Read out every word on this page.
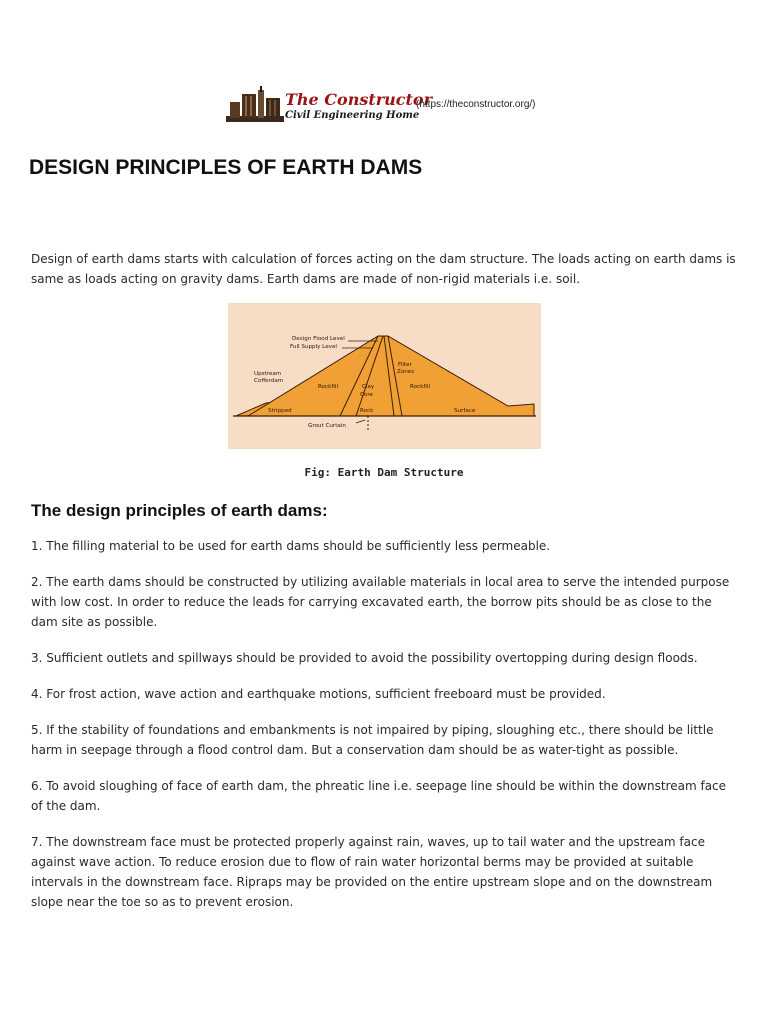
The Constructor
Civil Engineering Home
(https://theconstructor.org/)
DESIGN PRINCIPLES OF EARTH DAMS

Design of earth dams starts with calculation of forces acting on the dam structure. The loads acting on earth dams is same as loads acting on gravity dams. Earth dams are made of non-rigid materials i.e. soil.

Design Flood Level
Full Supply Level
Upstream
Cofferdam
Rockfill	Clay
Core
Filter
Zones
Rockfill
Stripped	Rock	Surface
Grout Curtain
Fig: Earth Dam Structure
The design principles of earth dams:
1. The filling material to be used for earth dams should be sufficiently less permeable.
2. The earth dams should be constructed by utilizing available materials in local area to serve the intended purpose with low cost. In order to reduce the leads for carrying excavated earth, the borrow pits should be as close to the dam site as possible.
3. Sufficient outlets and spillways should be provided to avoid the possibility overtopping during design floods.
4. For frost action, wave action and earthquake motions, sufficient freeboard must be provided.
5. If the stability of foundations and embankments is not impaired by piping, sloughing etc., there should be little harm in seepage through a flood control dam. But a conservation dam should be as water-tight as possible.
6. To avoid sloughing of face of earth dam, the phreatic line i.e. seepage line should be within the downstream face of the dam.
7. The downstream face must be protected properly against rain, waves, up to tail water and the upstream face against wave action. To reduce erosion due to flow of rain water horizontal berms may be provided at suitable intervals in the downstream face. Ripraps may be provided on the entire upstream slope and on the downstream slope near the toe so as to prevent erosion.
